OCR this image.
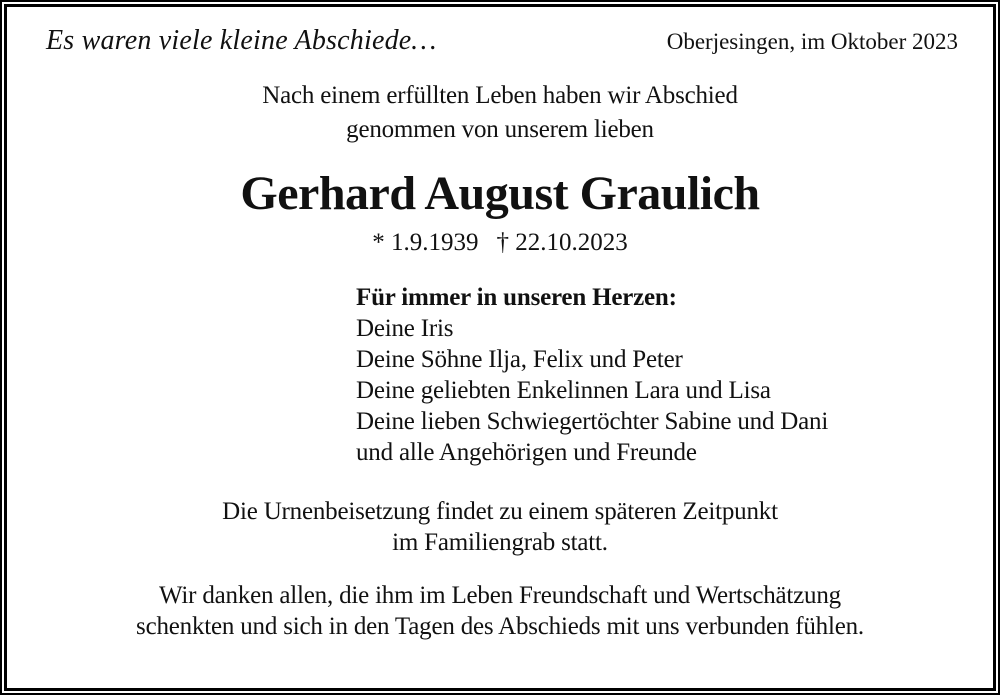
Es waren viele kleine Abschiede…	Oberjesingen, im Oktober 2023
Nach einem erfüllten Leben haben wir Abschied
genommen von unserem lieben
Gerhard August Graulich
* 1.9.1939 † 22.10.2023
Für immer in unseren Herzen:
Deine Iris
Deine Söhne Ilja, Felix und Peter
Deine geliebten Enkelinnen Lara und Lisa
Deine lieben Schwiegertöchter Sabine und Dani
und alle Angehörigen und Freunde
Die Urnenbeisetzung findet zu einem späteren Zeitpunkt
im Familiengrab statt.
Wir danken allen, die ihm im Leben Freundschaft und Wertschätzung
schenkten und sich in den Tagen des Abschieds mit uns verbunden fühlen.
